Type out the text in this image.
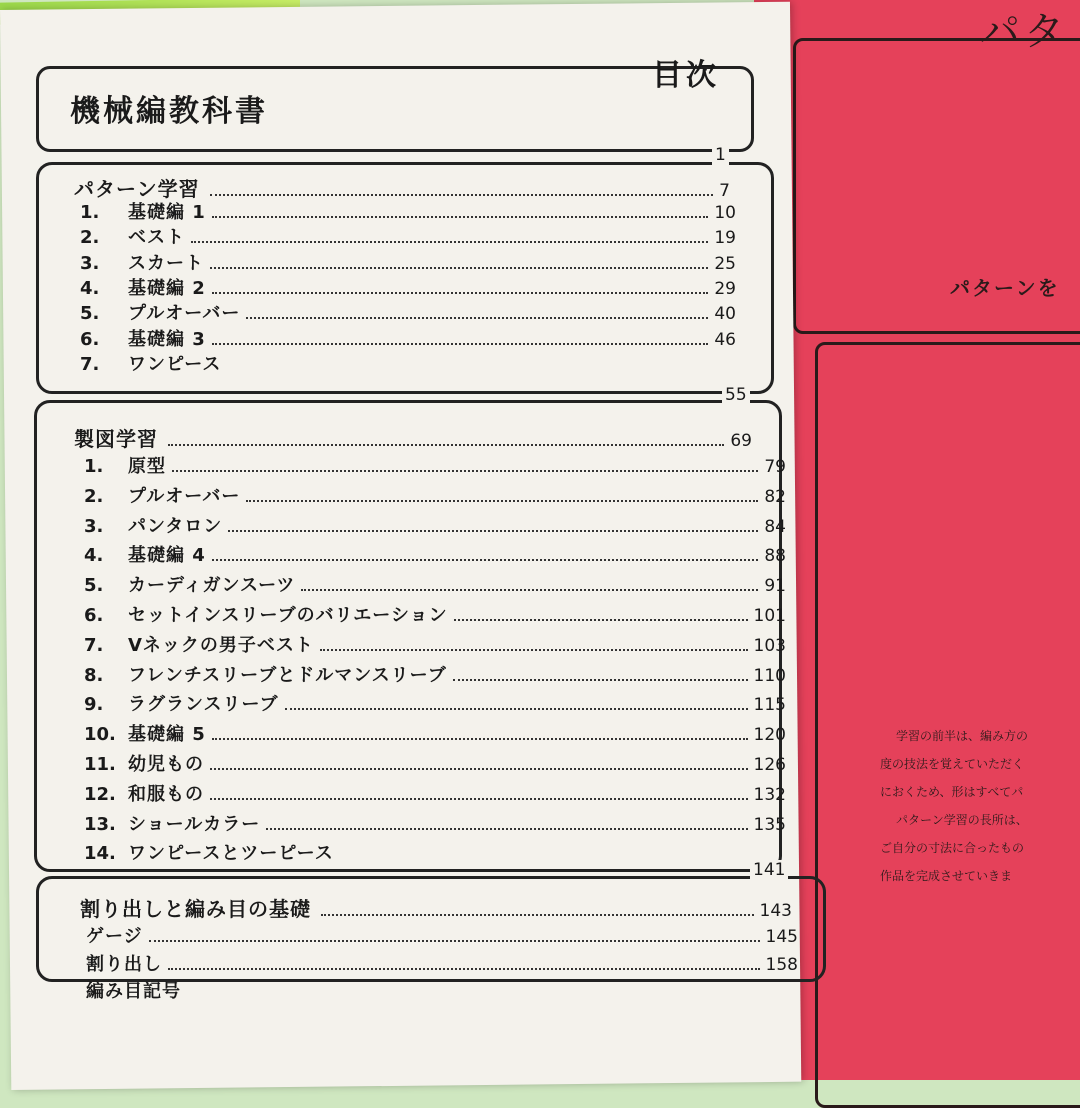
パタ
パターンを
学習の前半は、編み方の
度の技法を覚えていただく
におくため、形はすべてパ
パターン学習の長所は、
ご自分の寸法に合ったもの
作品を完成させていきま
機械編教科書
目次
1
パターン学習	7
1.	基礎編 1	10
2.	ベスト	19
3.	スカート	25
4.	基礎編 2	29
5.	プルオーバー	40
6.	基礎編 3	46
7.	ワンピース
55
製図学習	69
1.	原型	79
2.	プルオーバー	82
3.	パンタロン	84
4.	基礎編 4	88
5.	カーディガンスーツ	91
6.	セットインスリーブのバリエーション	101
7.	Vネックの男子ベスト	103
8.	フレンチスリーブとドルマンスリーブ	110
9.	ラグランスリーブ	115
10. 基礎編 5	120
11. 幼児もの	126
12. 和服もの	132
13. ショールカラー	135
14. ワンピースとツーピース
141
割り出しと編み目の基礎	143
ゲージ	145
割り出し	158
編み目記号
